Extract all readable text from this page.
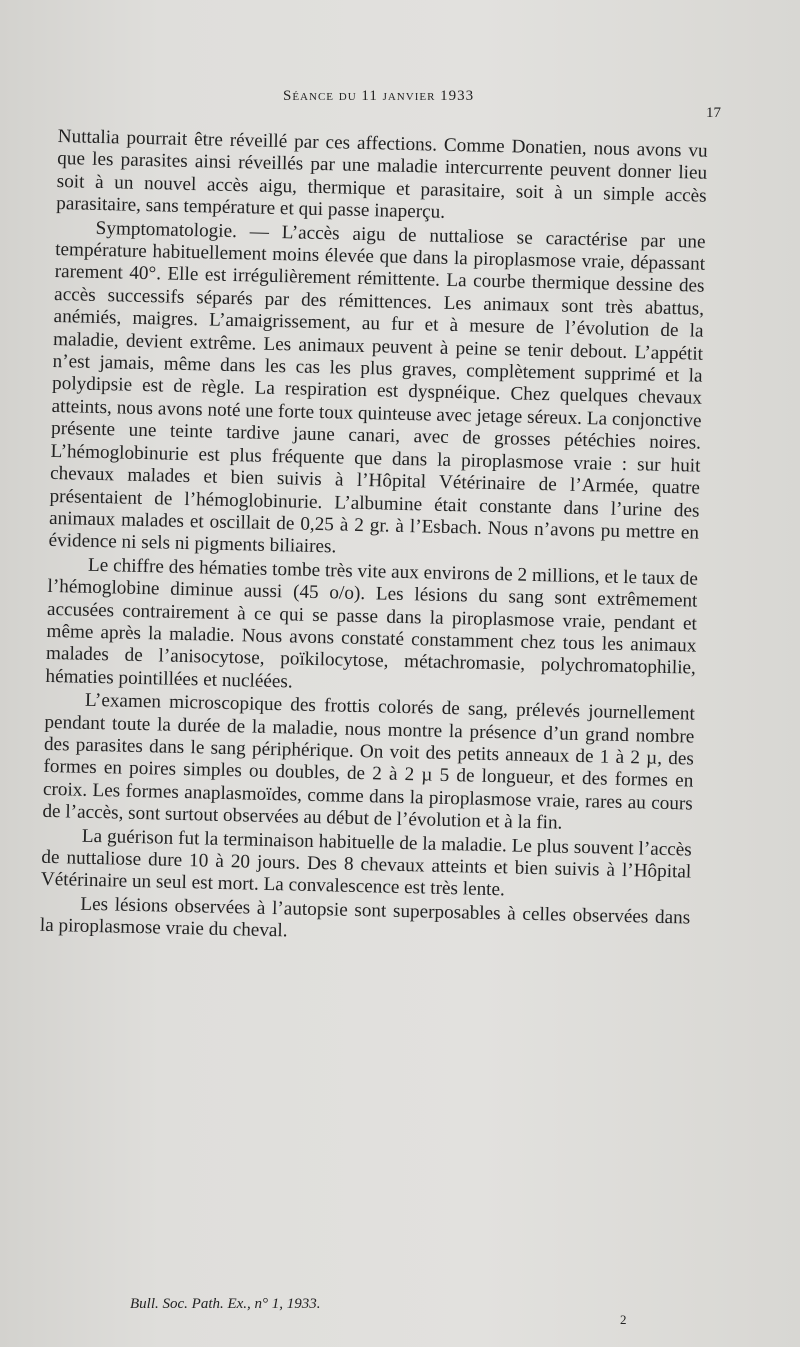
Séance du 11 janvier 1933
17

Nuttalia pourrait être réveillé par ces affections. Comme Donatien, nous avons vu que les parasites ainsi réveillés par une maladie intercurrente peuvent donner lieu soit à un nouvel accès aigu, thermique et parasitaire, soit à un simple accès parasitaire, sans température et qui passe inaperçu.

Symptomatologie. — L’accès aigu de nuttaliose se caractérise par une température habituellement moins élevée que dans la piroplasmose vraie, dépassant rarement 40°. Elle est irrégulièrement rémittente. La courbe thermique dessine des accès successifs séparés par des rémittences. Les animaux sont très abattus, anémiés, maigres. L’amaigrissement, au fur et à mesure de l’évolution de la maladie, devient extrême. Les animaux peuvent à peine se tenir debout. L’appétit n’est jamais, même dans les cas les plus graves, complètement supprimé et la polydipsie est de règle. La respiration est dyspnéique. Chez quelques chevaux atteints, nous avons noté une forte toux quinteuse avec jetage séreux. La conjonctive présente une teinte tardive jaune canari, avec de grosses pétéchies noires. L’hémoglobinurie est plus fréquente que dans la piroplasmose vraie : sur huit chevaux malades et bien suivis à l’Hôpital Vétérinaire de l’Armée, quatre présentaient de l’hémoglobinurie. L’albumine était constante dans l’urine des animaux malades et oscillait de 0,25 à 2 gr. à l’Esbach. Nous n’avons pu mettre en évidence ni sels ni pigments biliaires.

Le chiffre des hématies tombe très vite aux environs de 2 millions, et le taux de l’hémoglobine diminue aussi (45 o/o). Les lésions du sang sont extrêmement accusées contrairement à ce qui se passe dans la piroplasmose vraie, pendant et même après la maladie. Nous avons constaté constamment chez tous les animaux malades de l’anisocytose, poïkilocytose, métachromasie, polychromatophilie, hématies pointillées et nucléées.

L’examen microscopique des frottis colorés de sang, prélevés journellement pendant toute la durée de la maladie, nous montre la présence d’un grand nombre des parasites dans le sang périphérique. On voit des petits anneaux de 1 à 2 µ, des formes en poires simples ou doubles, de 2 à 2 µ 5 de longueur, et des formes en croix. Les formes anaplasmoïdes, comme dans la piroplasmose vraie, rares au cours de l’accès, sont surtout observées au début de l’évolution et à la fin.

La guérison fut la terminaison habituelle de la maladie. Le plus souvent l’accès de nuttaliose dure 10 à 20 jours. Des 8 chevaux atteints et bien suivis à l’Hôpital Vétérinaire un seul est mort. La convalescence est très lente.

Les lésions observées à l’autopsie sont superposables à celles observées dans la piroplasmose vraie du cheval.

Bull. Soc. Path. Ex., n° 1, 1933.
2
